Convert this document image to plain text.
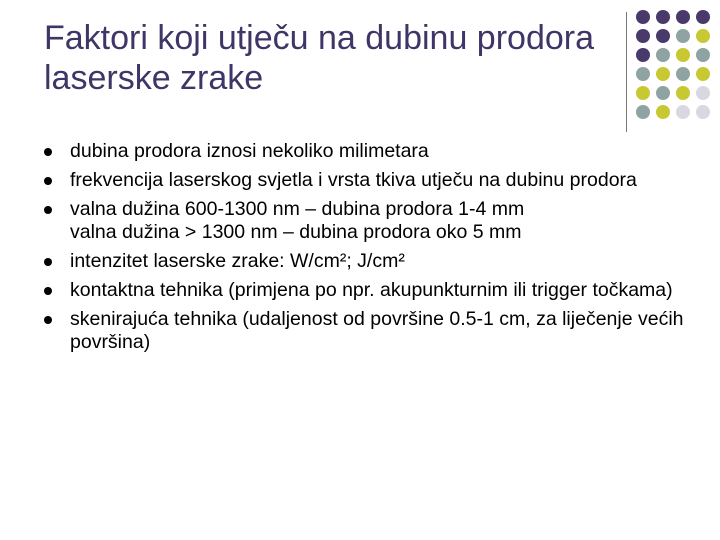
Faktori koji utječu na dubinu prodora laserske zrake
dubina prodora iznosi nekoliko milimetara
frekvencija laserskog svjetla i vrsta tkiva utječu na dubinu prodora
valna dužina 600-1300 nm – dubina prodora 1-4 mm
valna dužina > 1300 nm – dubina prodora oko 5 mm
intenzitet laserske zrake: W/cm²; J/cm²
kontaktna tehnika (primjena po npr. akupunkturnim ili trigger točkama)
skenirajuća tehnika (udaljenost od površine 0.5-1 cm, za liječenje većih površina)
